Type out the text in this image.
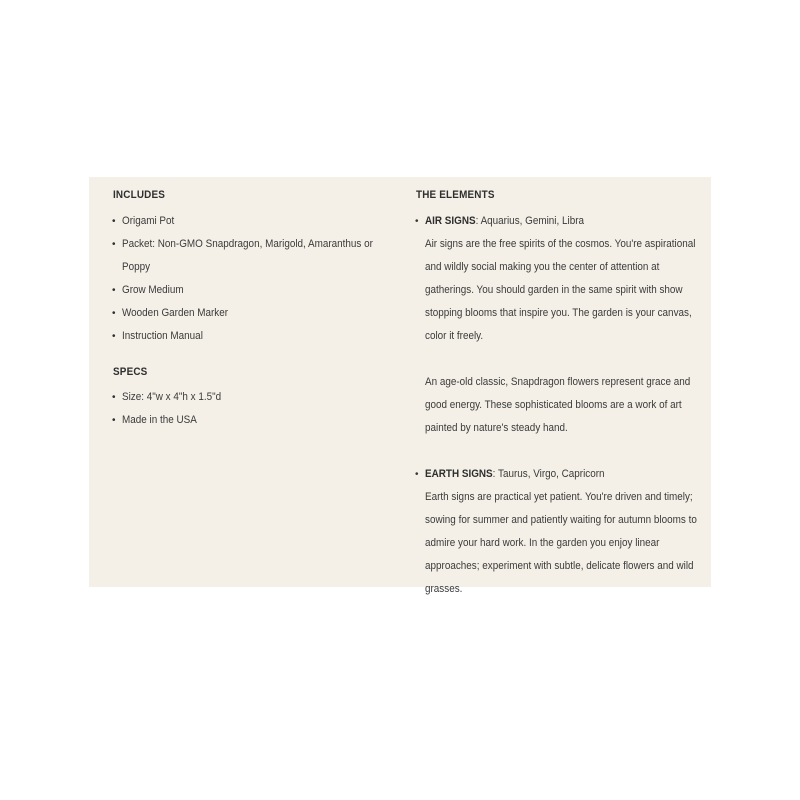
INCLUDES
• Origami Pot
• Packet: Non-GMO Snapdragon, Marigold, Amaranthus or Poppy
• Grow Medium
• Wooden Garden Marker
• Instruction Manual
SPECS
• Size: 4"w x 4"h x 1.5"d
• Made in the USA
THE ELEMENTS
• AIR SIGNS: Aquarius, Gemini, Libra

Air signs are the free spirits of the cosmos. You're aspirational and wildly social making you the center of attention at gatherings. You should garden in the same spirit with show stopping blooms that inspire you. The garden is your canvas, color it freely.

An age-old classic, Snapdragon flowers represent grace and good energy. These sophisticated blooms are a work of art painted by nature's steady hand.

• EARTH SIGNS: Taurus, Virgo, Capricorn

Earth signs are practical yet patient. You're driven and timely; sowing for summer and patiently waiting for autumn blooms to admire your hard work. In the garden you enjoy linear approaches; experiment with subtle, delicate flowers and wild grasses.
